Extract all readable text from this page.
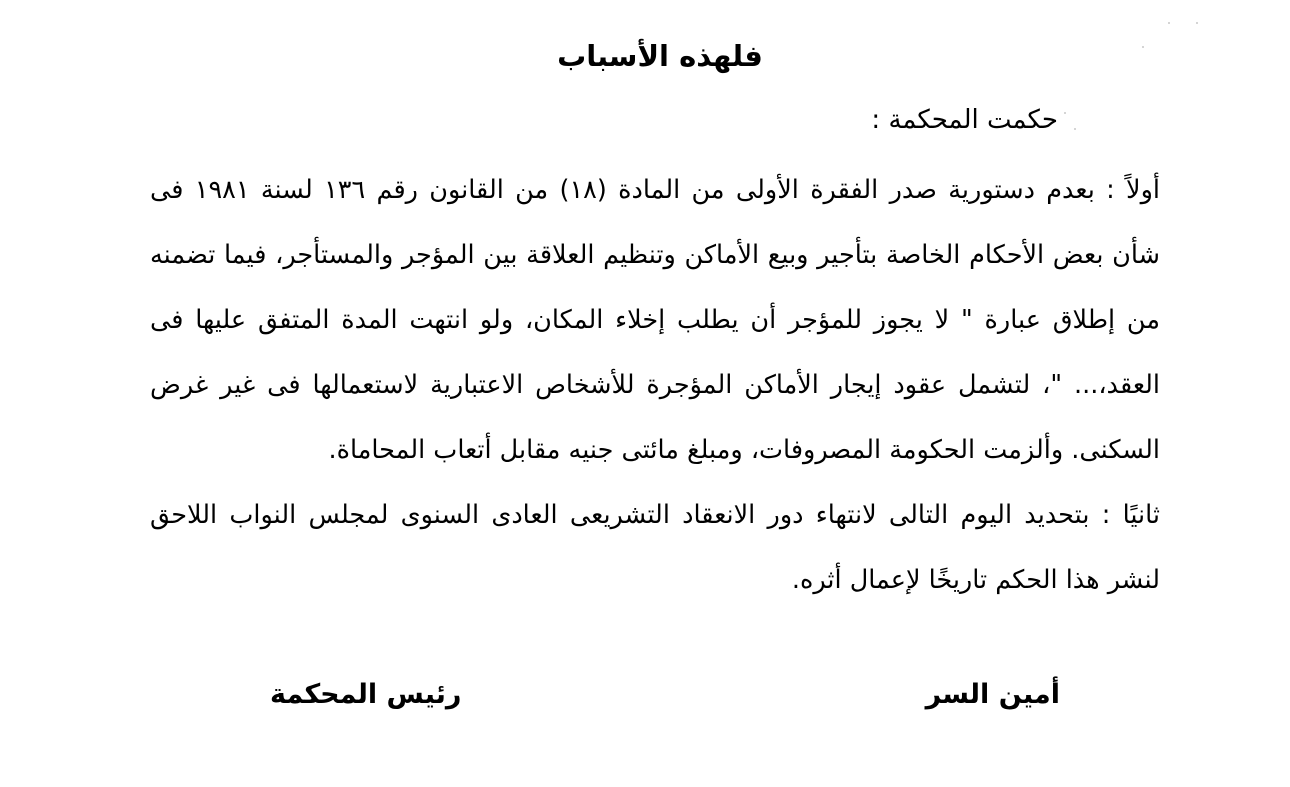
فلهذه الأسباب
حكمت المحكمة :

أولاً : بعدم دستورية صدر الفقرة الأولى من المادة (١٨) من القانون رقم ١٣٦ لسنة ١٩٨١ فى شأن بعض الأحكام الخاصة بتأجير وبيع الأماكن وتنظيم العلاقة بين المؤجر والمستأجر، فيما تضمنه من إطلاق عبارة " لا يجوز للمؤجر أن يطلب إخلاء المكان، ولو انتهت المدة المتفق عليها فى العقد،... "، لتشمل عقود إيجار الأماكن المؤجرة للأشخاص الاعتبارية لاستعمالها فى غير غرض السكنى. وألزمت الحكومة المصروفات، ومبلغ مائتى جنيه مقابل أتعاب المحاماة.

ثانيًا : بتحديد اليوم التالى لانتهاء دور الانعقاد التشريعى العادى السنوى لمجلس النواب اللاحق لنشر هذا الحكم تاريخًا لإعمال أثره.

أمين السر
رئيس المحكمة
